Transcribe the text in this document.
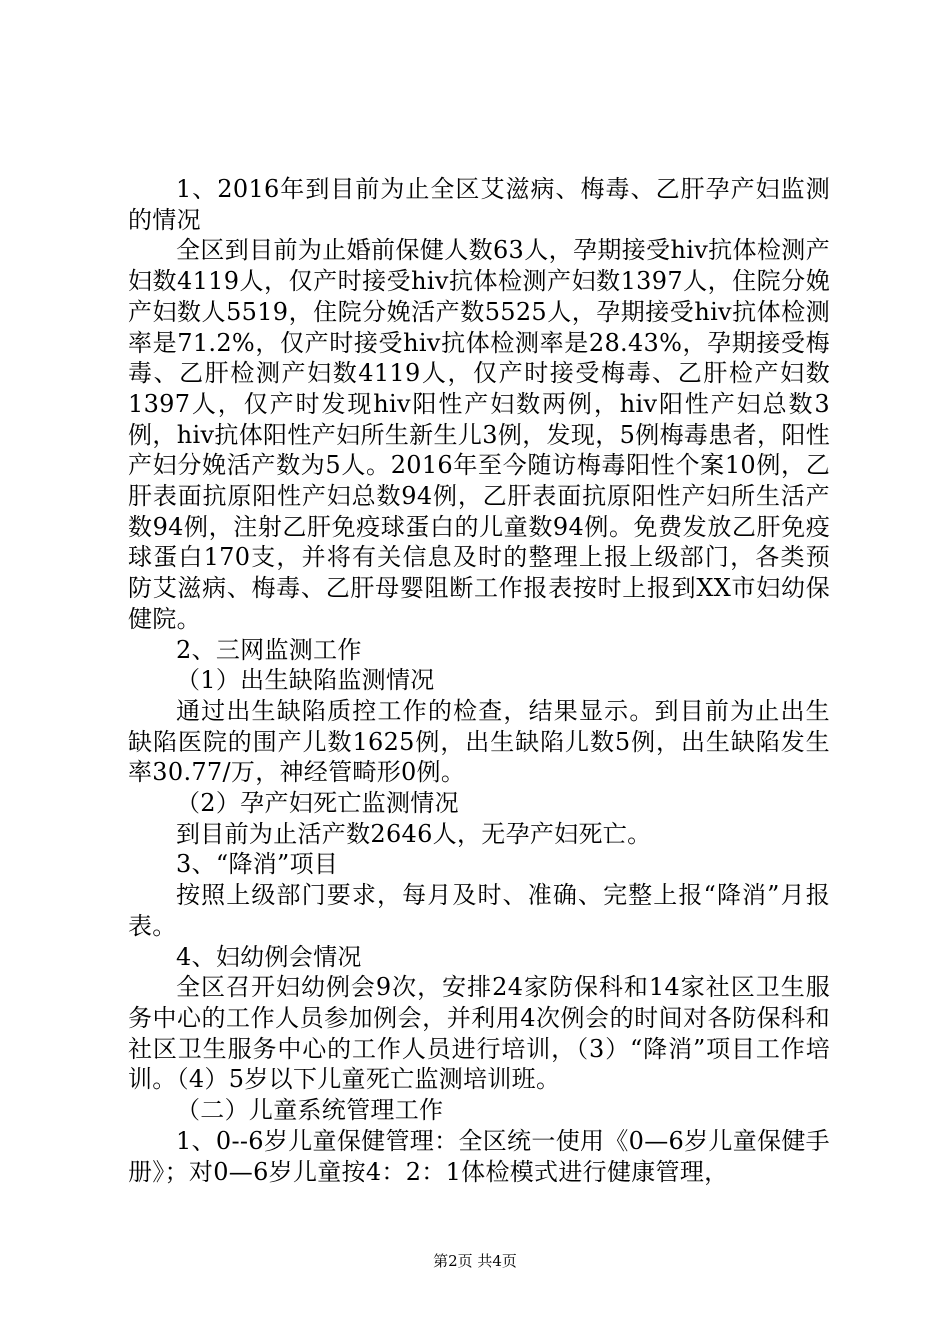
1、2016年到目前为止全区艾滋病、梅毒、乙肝孕产妇监测的情况

全区到目前为止婚前保健人数63人，孕期接受hiv抗体检测产妇数4119人，仅产时接受hiv抗体检测产妇数1397人，住院分娩产妇数人5519，住院分娩活产数5525人，孕期接受hiv抗体检测率是71.2%，仅产时接受hiv抗体检测率是28.43%，孕期接受梅毒、乙肝检测产妇数4119人，仅产时接受梅毒、乙肝检产妇数1397人，仅产时发现hiv阳性产妇数两例，hiv阳性产妇总数3例，hiv抗体阳性产妇所生新生儿3例，发现，5例梅毒患者，阳性产妇分娩活产数为5人。2016年至今随访梅毒阳性个案10例，乙肝表面抗原阳性产妇总数94例，乙肝表面抗原阳性产妇所生活产数94例，注射乙肝免疫球蛋白的儿童数94例。免费发放乙肝免疫球蛋白170支，并将有关信息及时的整理上报上级部门，各类预防艾滋病、梅毒、乙肝母婴阻断工作报表按时上报到XX市妇幼保健院。

2、三网监测工作

（1）出生缺陷监测情况

通过出生缺陷质控工作的检查，结果显示。到目前为止出生缺陷医院的围产儿数1625例，出生缺陷儿数5例，出生缺陷发生率30.77/万，神经管畸形0例。

（2）孕产妇死亡监测情况

到目前为止活产数2646人，无孕产妇死亡。

3、“降消”项目

按照上级部门要求，每月及时、准确、完整上报“降消”月报表。

4、妇幼例会情况

全区召开妇幼例会9次，安排24家防保科和14家社区卫生服务中心的工作人员参加例会，并利用4次例会的时间对各防保科和社区卫生服务中心的工作人员进行培训，（3）“降消”项目工作培训。（4）5岁以下儿童死亡监测培训班。

（二）儿童系统管理工作

1、0--6岁儿童保健管理：全区统一使用《0—6岁儿童保健手册》；对0—6岁儿童按4：2：1体检模式进行健康管理，

第2页 共4页
